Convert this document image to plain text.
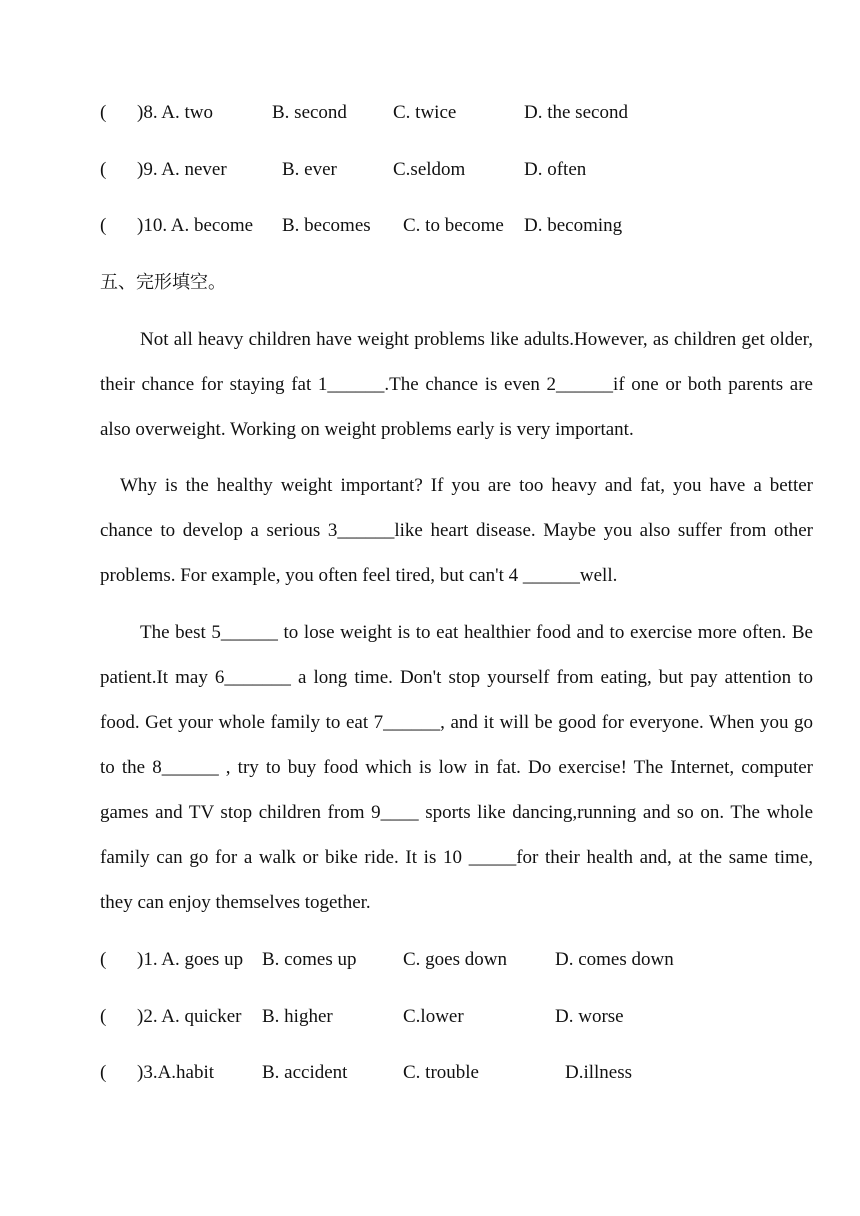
( )8. A. two	B. second C. twice	D. the second
( )9. A. never	B. ever	C.seldom	D. often
( )10. A. become B. becomes C. to become D. becoming
五、完形填空。

Not all heavy children have weight problems like adults.However, as children get older, their chance for staying fat 1______.The chance is even 2______if one or both parents are also overweight. Working on weight problems early is very important.

Why is the healthy weight important? If you are too heavy and fat, you have a better chance to develop a serious 3______like heart disease. Maybe you also suffer from other problems. For example, you often feel tired, but can't 4 ______well.

The best 5______ to lose weight is to eat healthier food and to exercise more often. Be patient.It may 6_______ a long time. Don't stop yourself from eating, but pay attention to food. Get your whole family to eat 7______, and it will be good for everyone. When you go to the 8______ , try to buy food which is low in fat. Do exercise! The Internet, computer games and TV stop children from 9____ sports like dancing,running and so on. The whole family can go for a walk or bike ride. It is 10 _____for their health and, at the same time, they can enjoy themselves together.

( )1. A. goes up B. comes up C. goes down	D. comes down
( )2. A. quicker B. higher	C.lower	D. worse
( )3.A.habit	B. accident	C. trouble	D.illness
